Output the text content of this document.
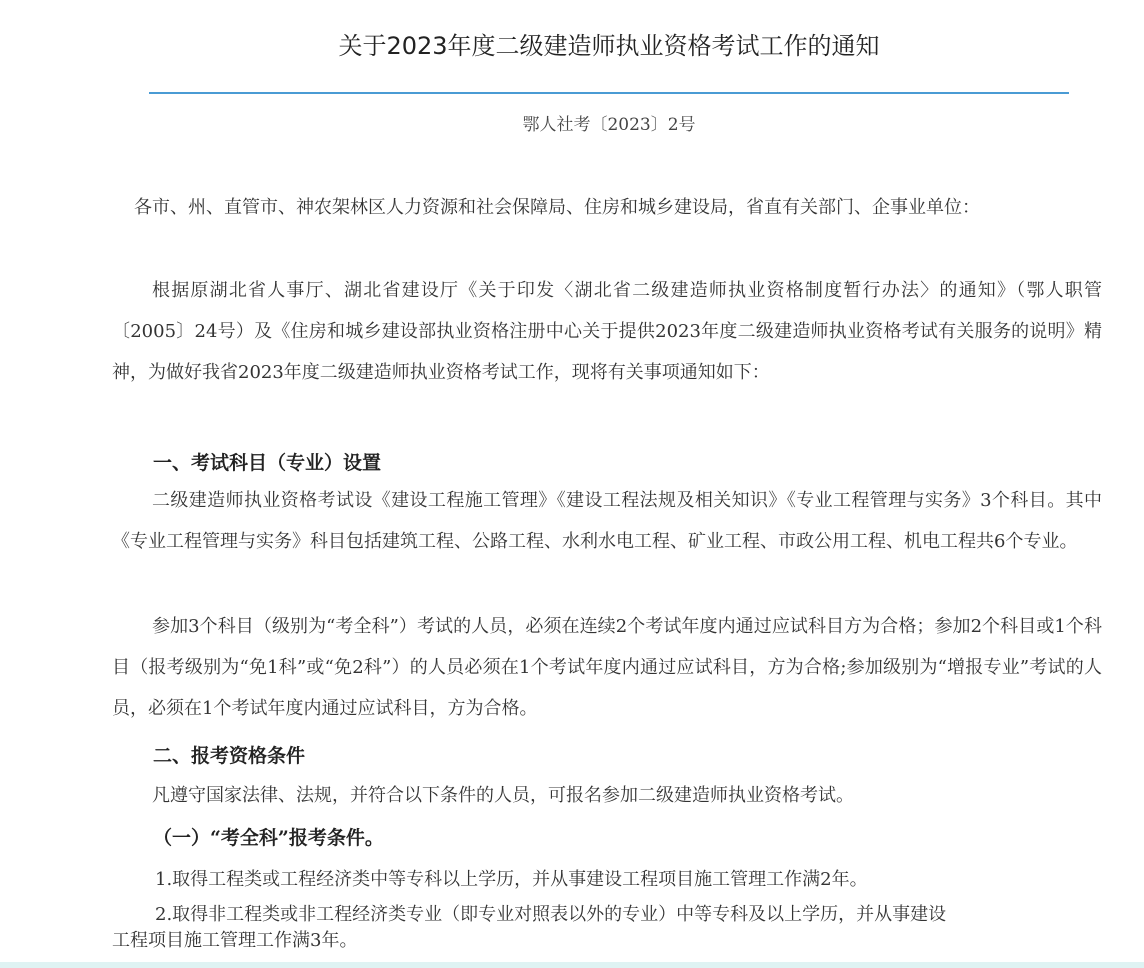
关于2023年度二级建造师执业资格考试工作的通知
鄂人社考〔2023〕2号

各市、州、直管市、神农架林区人力资源和社会保障局、住房和城乡建设局，省直有关部门、企事业单位：

根据原湖北省人事厅、湖北省建设厅《关于印发〈湖北省二级建造师执业资格制度暂行办法〉的通知》（鄂人职管〔2005〕24号）及《住房和城乡建设部执业资格注册中心关于提供2023年度二级建造师执业资格考试有关服务的说明》精神，为做好我省2023年度二级建造师执业资格考试工作，现将有关事项通知如下：

一、考试科目（专业）设置

二级建造师执业资格考试设《建设工程施工管理》《建设工程法规及相关知识》《专业工程管理与实务》3个科目。其中《专业工程管理与实务》科目包括建筑工程、公路工程、水利水电工程、矿业工程、市政公用工程、机电工程共6个专业。

参加3个科目（级别为“考全科”）考试的人员，必须在连续2个考试年度内通过应试科目方为合格；参加2个科目或1个科目（报考级别为“免1科”或“免2科”）的人员必须在1个考试年度内通过应试科目，方为合格;参加级别为“增报专业”考试的人员，必须在1个考试年度内通过应试科目，方为合格。

二、报考资格条件

凡遵守国家法律、法规，并符合以下条件的人员，可报名参加二级建造师执业资格考试。

（一）“考全科”报考条件。

1.取得工程类或工程经济类中等专科以上学历，并从事建设工程项目施工管理工作满2年。

2.取得非工程类或非工程经济类专业（即专业对照表以外的专业）中等专科及以上学历，并从事建设

工程项目施工管理工作满3年。
